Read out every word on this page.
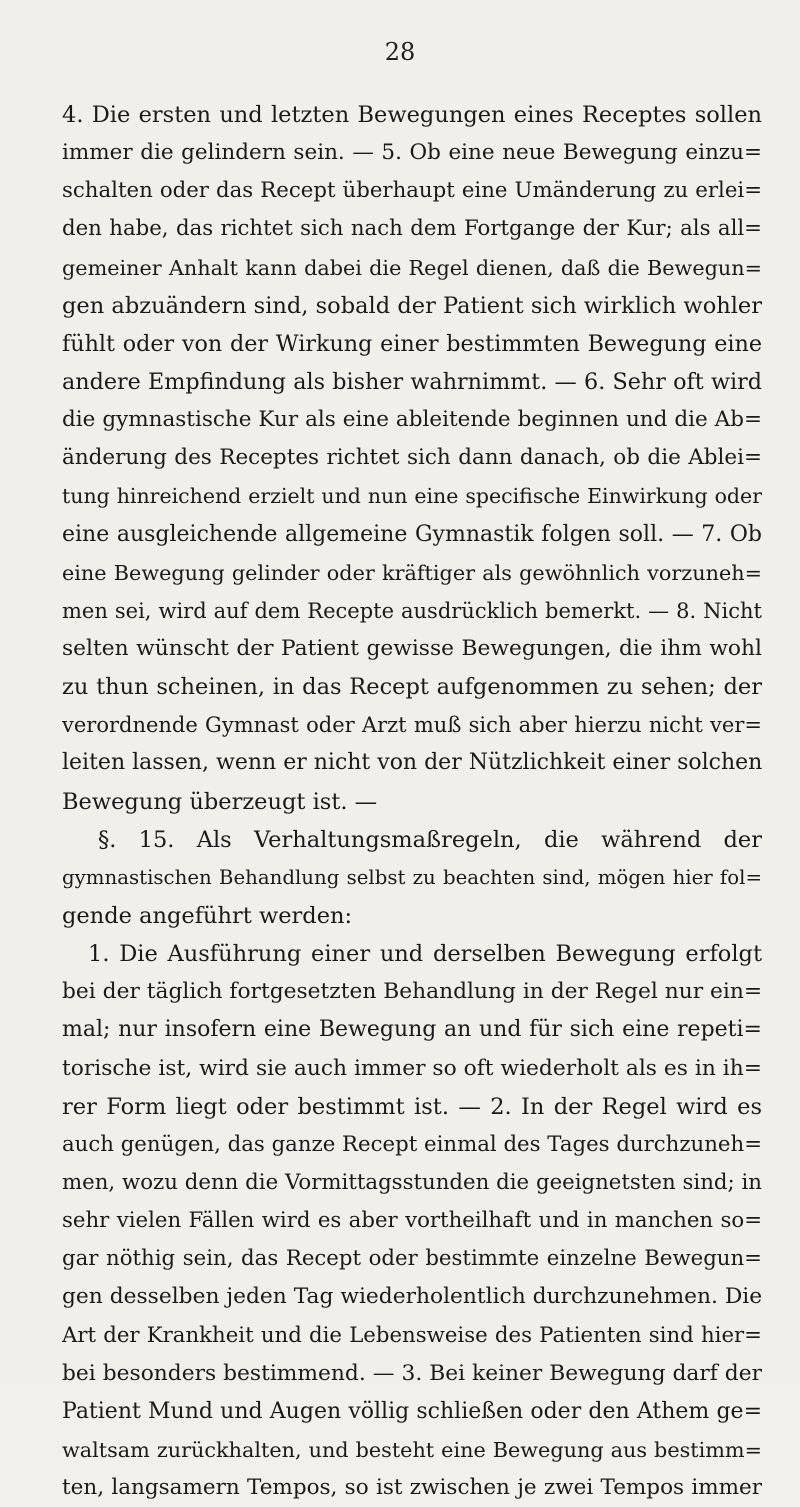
28
4. Die ersten und letzten Bewegungen eines Receptes sollen
immer die gelindern sein. — 5. Ob eine neue Bewegung einzu=
schalten oder das Recept überhaupt eine Umänderung zu erlei=
den habe, das richtet sich nach dem Fortgange der Kur; als all=
gemeiner Anhalt kann dabei die Regel dienen, daß die Bewegun=
gen abzuändern sind, sobald der Patient sich wirklich wohler
fühlt oder von der Wirkung einer bestimmten Bewegung eine
andere Empfindung als bisher wahrnimmt. — 6. Sehr oft wird
die gymnastische Kur als eine ableitende beginnen und die Ab=
änderung des Receptes richtet sich dann danach, ob die Ablei=
tung hinreichend erzielt und nun eine specifische Einwirkung oder
eine ausgleichende allgemeine Gymnastik folgen soll. — 7. Ob
eine Bewegung gelinder oder kräftiger als gewöhnlich vorzuneh=
men sei, wird auf dem Recepte ausdrücklich bemerkt. — 8. Nicht
selten wünscht der Patient gewisse Bewegungen, die ihm wohl
zu thun scheinen, in das Recept aufgenommen zu sehen; der
verordnende Gymnast oder Arzt muß sich aber hierzu nicht ver=
leiten lassen, wenn er nicht von der Nützlichkeit einer solchen
Bewegung überzeugt ist. —
§. 15. Als Verhaltungsmaßregeln, die während der
gymnastischen Behandlung selbst zu beachten sind, mögen hier fol=
gende angeführt werden:
1. Die Ausführung einer und derselben Bewegung erfolgt
bei der täglich fortgesetzten Behandlung in der Regel nur ein=
mal; nur insofern eine Bewegung an und für sich eine repeti=
torische ist, wird sie auch immer so oft wiederholt als es in ih=
rer Form liegt oder bestimmt ist. — 2. In der Regel wird es
auch genügen, das ganze Recept einmal des Tages durchzuneh=
men, wozu denn die Vormittagsstunden die geeignetsten sind; in
sehr vielen Fällen wird es aber vortheilhaft und in manchen so=
gar nöthig sein, das Recept oder bestimmte einzelne Bewegun=
gen desselben jeden Tag wiederholentlich durchzunehmen. Die
Art der Krankheit und die Lebensweise des Patienten sind hier=
bei besonders bestimmend. — 3. Bei keiner Bewegung darf der
Patient Mund und Augen völlig schließen oder den Athem ge=
waltsam zurückhalten, und besteht eine Bewegung aus bestimm=
ten, langsamern Tempos, so ist zwischen je zwei Tempos immer
